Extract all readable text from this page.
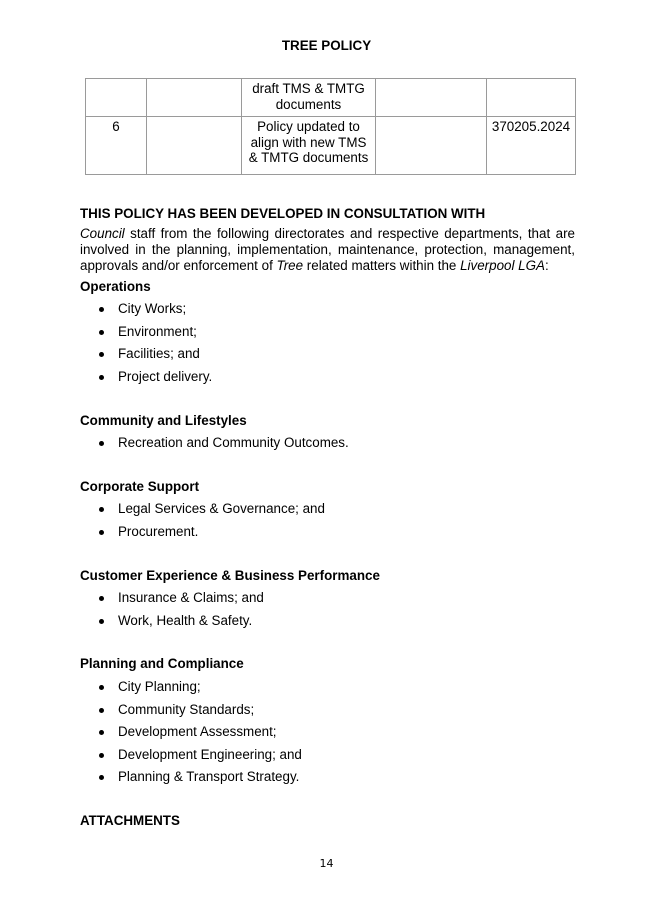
TREE POLICY
		draft TMS & TMTG documents		
6		Policy updated to align with new TMS & TMTG documents		370205.2024
THIS POLICY HAS BEEN DEVELOPED IN CONSULTATION WITH
Council staff from the following directorates and respective departments, that are involved in the planning, implementation, maintenance, protection, management, approvals and/or enforcement of Tree related matters within the Liverpool LGA:
Operations
City Works;
Environment;
Facilities; and
Project delivery.
Community and Lifestyles
Recreation and Community Outcomes.
Corporate Support
Legal Services & Governance; and
Procurement.
Customer Experience & Business Performance
Insurance & Claims; and
Work, Health & Safety.
Planning and Compliance
City Planning;
Community Standards;
Development Assessment;
Development Engineering; and
Planning & Transport Strategy.
ATTACHMENTS
14
